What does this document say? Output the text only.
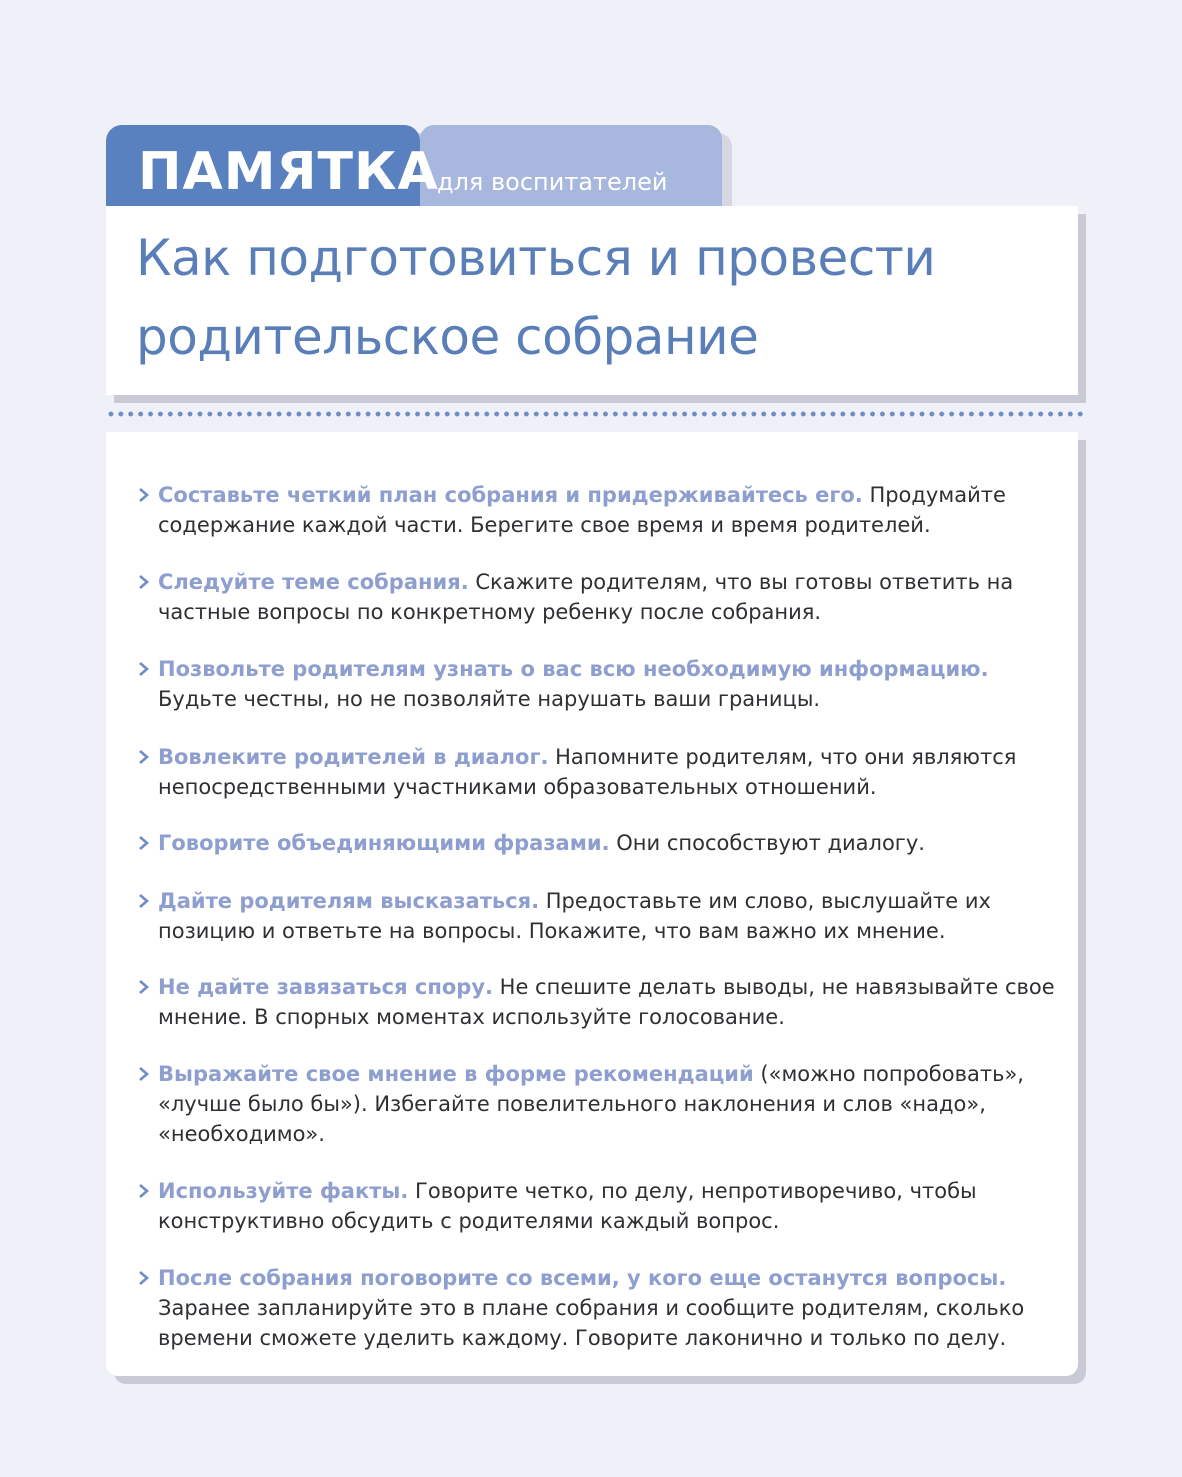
для воспитателей
ПАМЯТКА
Как подготовиться и провести
родительское собрание
Составьте четкий план собрания и придерживайтесь его. Продумайте содержание каждой части. Берегите свое время и время родителей.
Следуйте теме собрания. Скажите родителям, что вы готовы ответить на частные вопросы по конкретному ребенку после собрания.
Позвольте родителям узнать о вас всю необходимую информацию. Будьте честны, но не позволяйте нарушать ваши границы.
Вовлеките родителей в диалог. Напомните родителям, что они являются непосредственными участниками образовательных отношений.
Говорите объединяющими фразами. Они способствуют диалогу.
Дайте родителям высказаться. Предоставьте им слово, выслушайте их позицию и ответьте на вопросы. Покажите, что вам важно их мнение.
Не дайте завязаться спору. Не спешите делать выводы, не навязывайте свое мнение. В спорных моментах используйте голосование.
Выражайте свое мнение в форме рекомендаций («можно попробовать», «лучше было бы»). Избегайте повелительного наклонения и слов «надо», «необходимо».
Используйте факты. Говорите четко, по делу, непротиворечиво, чтобы конструктивно обсудить с родителями каждый вопрос.
После собрания поговорите со всеми, у кого еще останутся вопросы. Заранее запланируйте это в плане собрания и сообщите родителям, сколько времени сможете уделить каждому. Говорите лаконично и только по делу.
